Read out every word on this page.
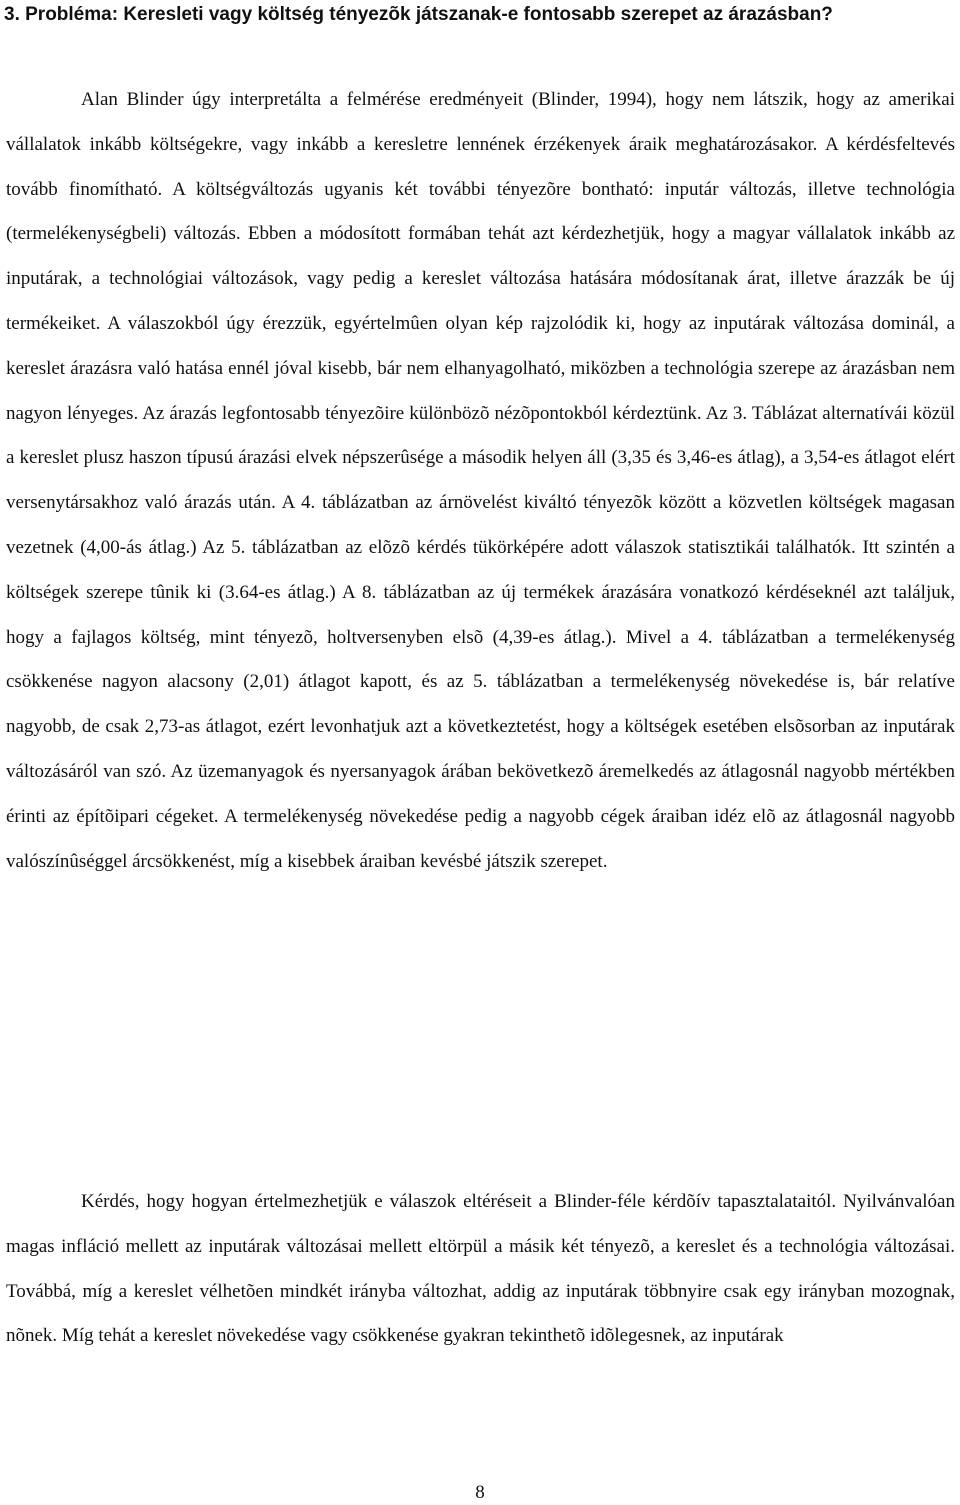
3. Probléma: Keresleti vagy költség tényezõk játszanak-e fontosabb szerepet az árazásban?

Alan Blinder úgy interpretálta a felmérése eredményeit (Blinder, 1994), hogy nem látszik, hogy az amerikai vállalatok inkább költségekre, vagy inkább a keresletre lennének érzékenyek áraik meghatározásakor. A kérdésfeltevés tovább finomítható. A költségváltozás ugyanis két további tényezõre bontható: inputár változás, illetve technológia (termelékenységbeli) változás. Ebben a módosított formában tehát azt kérdezhetjük, hogy a magyar vállalatok inkább az inputárak, a technológiai változások, vagy pedig a kereslet változása hatására módosítanak árat, illetve árazzák be új termékeiket. A válaszokból úgy érezzük, egyértelmûen olyan kép rajzolódik ki, hogy az inputárak változása dominál, a kereslet árazásra való hatása ennél jóval kisebb, bár nem elhanyagolható, miközben a technológia szerepe az árazásban nem nagyon lényeges. Az árazás legfontosabb tényezõire különbözõ nézõpontokból kérdeztünk. Az 3. Táblázat alternatívái közül a kereslet plusz haszon típusú árazási elvek népszerûsége a második helyen áll (3,35 és 3,46-es átlag), a 3,54-es átlagot elért versenytársakhoz való árazás után. A 4. táblázatban az árnövelést kiváltó tényezõk között a közvetlen költségek magasan vezetnek (4,00-ás átlag.) Az 5. táblázatban az elõzõ kérdés tükörképére adott válaszok statisztikái találhatók. Itt szintén a költségek szerepe tûnik ki (3.64-es átlag.) A 8. táblázatban az új termékek árazására vonatkozó kérdéseknél azt találjuk, hogy a fajlagos költség, mint tényezõ, holtversenyben elsõ (4,39-es átlag.). Mivel a 4. táblázatban a termelékenység csökkenése nagyon alacsony (2,01) átlagot kapott, és az 5. táblázatban a termelékenység növekedése is, bár relatíve nagyobb, de csak 2,73-as átlagot, ezért levonhatjuk azt a következtetést, hogy a költségek esetében elsõsorban az inputárak változásáról van szó. Az üzemanyagok és nyersanyagok árában bekövetkezõ áremelkedés az átlagosnál nagyobb mértékben érinti az építõipari cégeket. A termelékenység növekedése pedig a nagyobb cégek áraiban idéz elõ az átlagosnál nagyobb valószínûséggel árcsökkenést, míg a kisebbek áraiban kevésbé játszik szerepet.

Kérdés, hogy hogyan értelmezhetjük e válaszok eltéréseit a Blinder-féle kérdõív tapasztalataitól. Nyilvánvalóan magas infláció mellett az inputárak változásai mellett eltörpül a másik két tényezõ, a kereslet és a technológia változásai. Továbbá, míg a kereslet vélhetõen mindkét irányba változhat, addig az inputárak többnyire csak egy irányban mozognak, nõnek. Míg tehát a kereslet növekedése vagy csökkenése gyakran tekinthetõ idõlegesnek, az inputárak

8
